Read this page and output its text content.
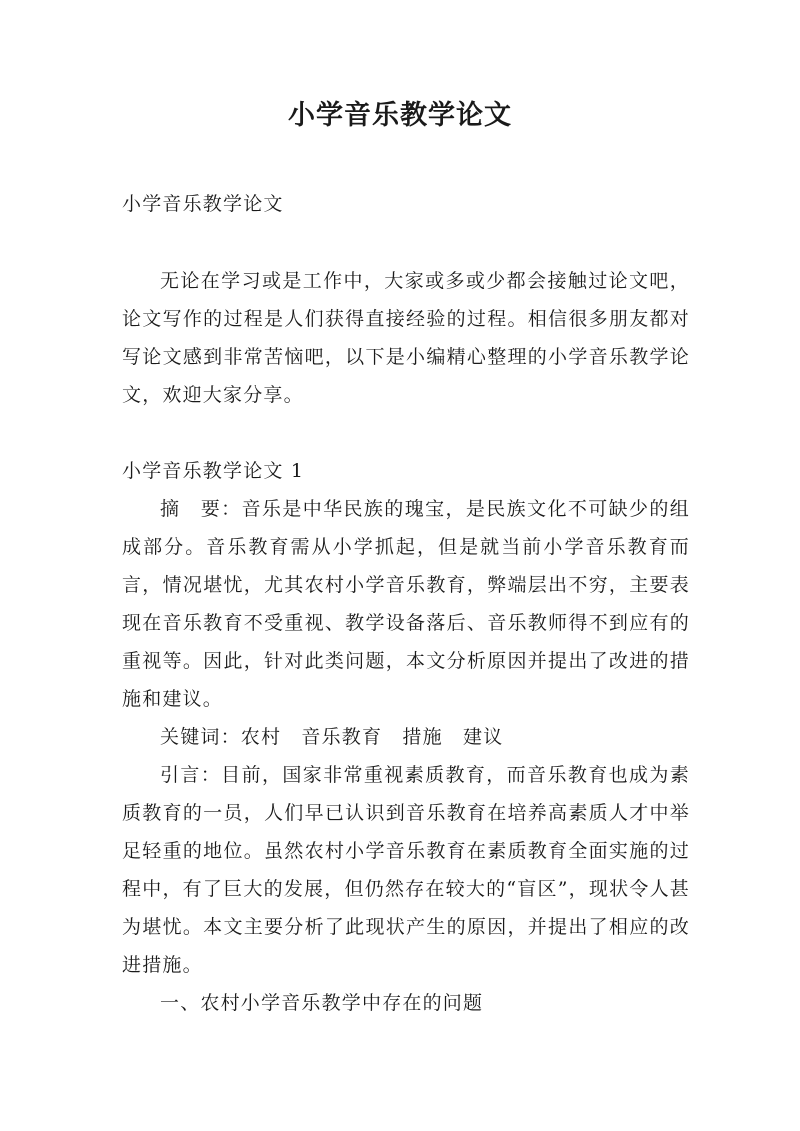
小学音乐教学论文

小学音乐教学论文

无论在学习或是工作中，大家或多或少都会接触过论文吧，论文写作的过程是人们获得直接经验的过程。相信很多朋友都对写论文感到非常苦恼吧，以下是小编精心整理的小学音乐教学论文，欢迎大家分享。

小学音乐教学论文 1

摘　要：音乐是中华民族的瑰宝，是民族文化不可缺少的组成部分。音乐教育需从小学抓起，但是就当前小学音乐教育而言，情况堪忧，尤其农村小学音乐教育，弊端层出不穷，主要表现在音乐教育不受重视、教学设备落后、音乐教师得不到应有的重视等。因此，针对此类问题，本文分析原因并提出了改进的措施和建议。

关键词：农村　音乐教育　措施　建议

引言：目前，国家非常重视素质教育，而音乐教育也成为素质教育的一员，人们早已认识到音乐教育在培养高素质人才中举足轻重的地位。虽然农村小学音乐教育在素质教育全面实施的过程中，有了巨大的发展，但仍然存在较大的“盲区”，现状令人甚为堪忧。本文主要分析了此现状产生的原因，并提出了相应的改进措施。

一、农村小学音乐教学中存在的问题
